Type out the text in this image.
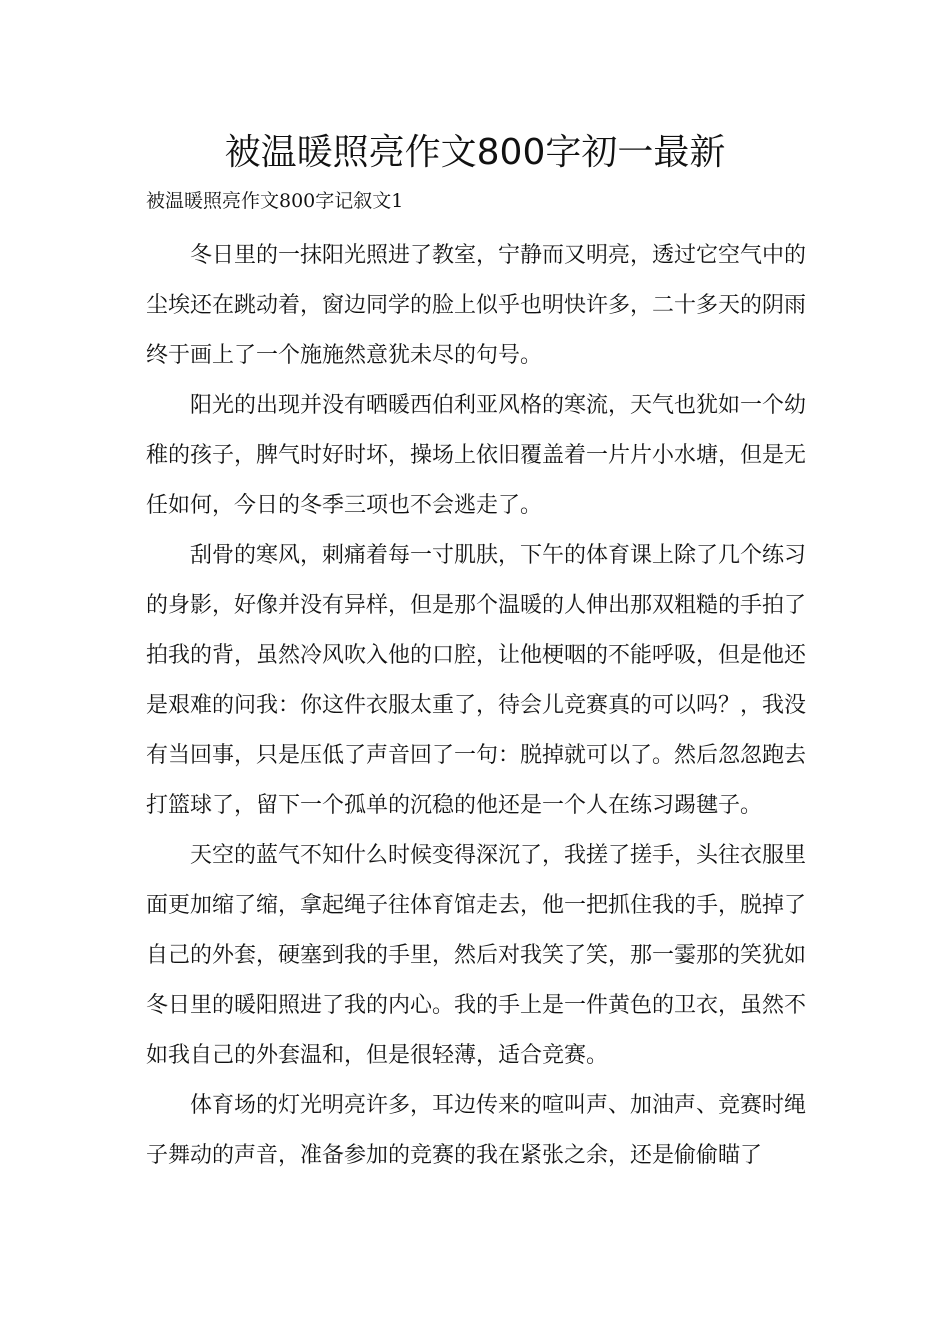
被温暖照亮作文800字初一最新

被温暖照亮作文800字记叙文1

冬日里的一抹阳光照进了教室，宁静而又明亮，透过它空气中的尘埃还在跳动着，窗边同学的脸上似乎也明快许多，二十多天的阴雨终于画上了一个施施然意犹未尽的句号。

阳光的出现并没有晒暖西伯利亚风格的寒流，天气也犹如一个幼稚的孩子，脾气时好时坏，操场上依旧覆盖着一片片小水塘，但是无任如何，今日的冬季三项也不会逃走了。

刮骨的寒风，刺痛着每一寸肌肤，下午的体育课上除了几个练习的身影，好像并没有异样，但是那个温暖的人伸出那双粗糙的手拍了拍我的背，虽然冷风吹入他的口腔，让他梗咽的不能呼吸，但是他还是艰难的问我：你这件衣服太重了，待会儿竞赛真的可以吗？，我没有当回事，只是压低了声音回了一句：脱掉就可以了。然后忽忽跑去打篮球了，留下一个孤单的沉稳的他还是一个人在练习踢毽子。

天空的蓝气不知什么时候变得深沉了，我搓了搓手，头往衣服里面更加缩了缩，拿起绳子往体育馆走去，他一把抓住我的手，脱掉了自己的外套，硬塞到我的手里，然后对我笑了笑，那一霎那的笑犹如冬日里的暖阳照进了我的内心。我的手上是一件黄色的卫衣，虽然不如我自己的外套温和，但是很轻薄，适合竞赛。

体育场的灯光明亮许多，耳边传来的喧叫声、加油声、竞赛时绳子舞动的声音，准备参加的竞赛的我在紧张之余，还是偷偷瞄了
